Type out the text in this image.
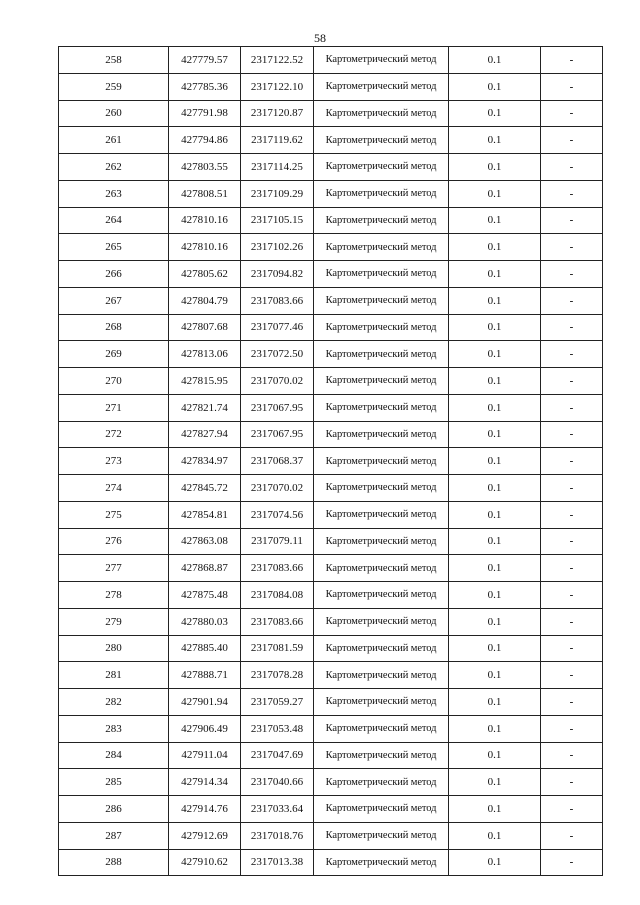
58
258	427779.57	2317122.52	Картометрический метод	0.1	-
259	427785.36	2317122.10	Картометрический метод	0.1	-
260	427791.98	2317120.87	Картометрический метод	0.1	-
261	427794.86	2317119.62	Картометрический метод	0.1	-
262	427803.55	2317114.25	Картометрический метод	0.1	-
263	427808.51	2317109.29	Картометрический метод	0.1	-
264	427810.16	2317105.15	Картометрический метод	0.1	-
265	427810.16	2317102.26	Картометрический метод	0.1	-
266	427805.62	2317094.82	Картометрический метод	0.1	-
267	427804.79	2317083.66	Картометрический метод	0.1	-
268	427807.68	2317077.46	Картометрический метод	0.1	-
269	427813.06	2317072.50	Картометрический метод	0.1	-
270	427815.95	2317070.02	Картометрический метод	0.1	-
271	427821.74	2317067.95	Картометрический метод	0.1	-
272	427827.94	2317067.95	Картометрический метод	0.1	-
273	427834.97	2317068.37	Картометрический метод	0.1	-
274	427845.72	2317070.02	Картометрический метод	0.1	-
275	427854.81	2317074.56	Картометрический метод	0.1	-
276	427863.08	2317079.11	Картометрический метод	0.1	-
277	427868.87	2317083.66	Картометрический метод	0.1	-
278	427875.48	2317084.08	Картометрический метод	0.1	-
279	427880.03	2317083.66	Картометрический метод	0.1	-
280	427885.40	2317081.59	Картометрический метод	0.1	-
281	427888.71	2317078.28	Картометрический метод	0.1	-
282	427901.94	2317059.27	Картометрический метод	0.1	-
283	427906.49	2317053.48	Картометрический метод	0.1	-
284	427911.04	2317047.69	Картометрический метод	0.1	-
285	427914.34	2317040.66	Картометрический метод	0.1	-
286	427914.76	2317033.64	Картометрический метод	0.1	-
287	427912.69	2317018.76	Картометрический метод	0.1	-
288	427910.62	2317013.38	Картометрический метод	0.1	-
